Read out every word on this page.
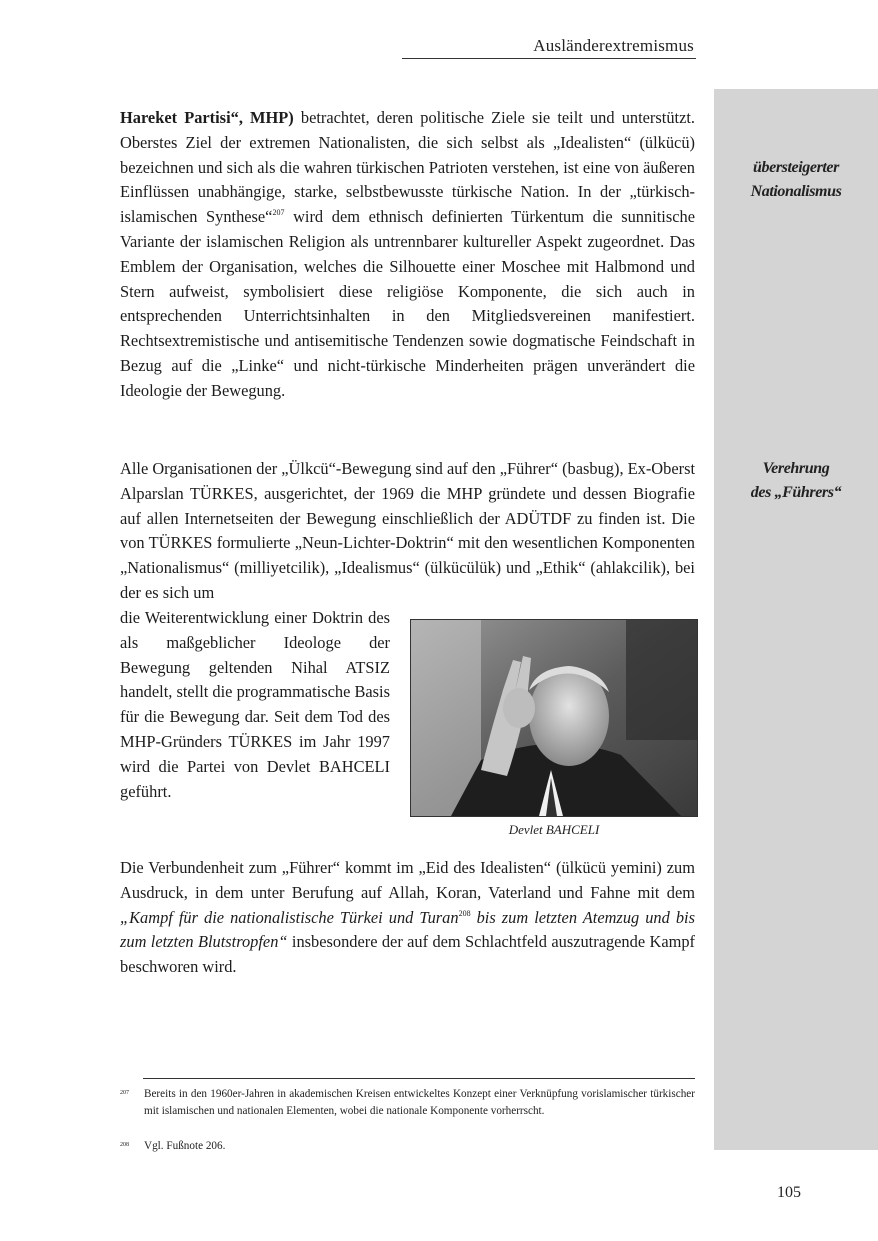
Ausländerextremismus
übersteigerter
Nationalismus
Verehrung
des „Führers“
Hareket Partisi“, MHP) betrachtet, deren politische Ziele sie teilt und unterstützt. Oberstes Ziel der extremen Nationalisten, die sich selbst als „Idealisten“ (ülkücü) bezeichnen und sich als die wahren türkischen Patrioten verstehen, ist eine von äußeren Einflüssen unabhängige, starke, selbstbewusste türkische Nation. In der „türkisch-islamischen Synthese“$^{207}$ wird dem ethnisch definierten Türkentum die sunnitische Variante der islamischen Religion als untrennbarer kultureller Aspekt zugeordnet. Das Emblem der Organisation, welches die Silhouette einer Moschee mit Halbmond und Stern aufweist, symbolisiert diese religiöse Komponente, die sich auch in entsprechenden Unterrichtsinhalten in den Mitgliedsvereinen manifestiert. Rechtsextremistische und antisemitische Tendenzen sowie dogmatische Feindschaft in Bezug auf die „Linke“ und nicht-türkische Minderheiten prägen unverändert die Ideologie der Bewegung.
Alle Organisationen der „Ülkcü“-Bewegung sind auf den „Führer“ (basbug), Ex-Oberst Alparslan TÜRKES, ausgerichtet, der 1969 die MHP gründete und dessen Biografie auf allen Internetseiten der Bewegung einschließlich der ADÜTDF zu finden ist. Die von TÜRKES formulierte „Neun-Lichter-Doktrin“ mit den wesentlichen Komponenten „Nationalismus“ (milliyetcilik), „Idealismus“ (ülkücülük) und „Ethik“ (ahlakcilik), bei der es sich um
die Weiterentwicklung einer Doktrin des als maßgeblicher Ideologe der Bewegung geltenden Nihal ATSIZ handelt, stellt die programmatische Basis für die Bewegung dar. Seit dem Tod des MHP-Gründers TÜRKES im Jahr 1997 wird die Partei von Devlet BAHCELI geführt.
Devlet BAHCELI
Die Verbundenheit zum „Führer“ kommt im „Eid des Idealisten“ (ülkücü yemini) zum Ausdruck, in dem unter Berufung auf Allah, Koran, Vaterland und Fahne mit dem „Kampf für die nationalistische Türkei und Turan$^{208}$ bis zum letzten Atemzug und bis zum letzten Blutstropfen“ insbesondere der auf dem Schlachtfeld auszutragende Kampf beschworen wird.
207 Bereits in den 1960er-Jahren in akademischen Kreisen entwickeltes Konzept einer Verknüpfung vorislamischer türkischer mit islamischen und nationalen Elementen, wobei die nationale Komponente vorherrscht.
208 Vgl. Fußnote 206.
105
